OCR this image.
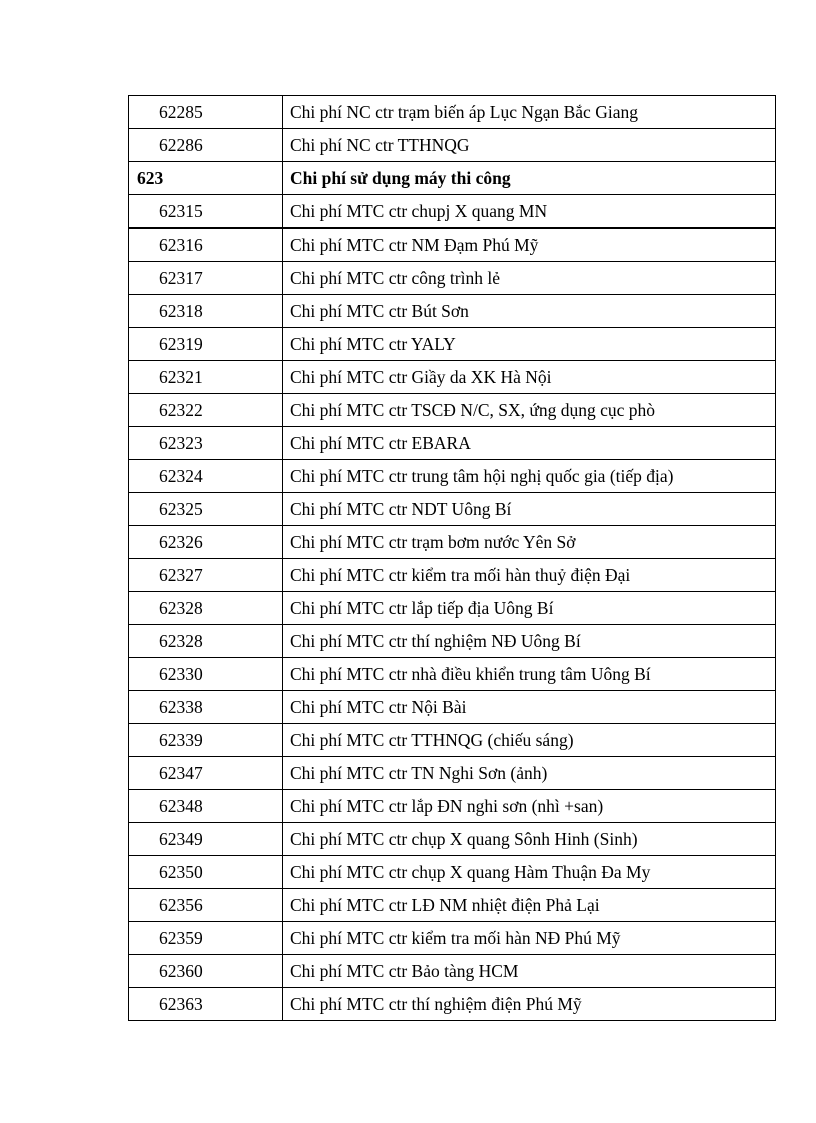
62285	Chi phí NC ctr trạm biến áp Lục Ngạn Bắc Giang
62286	Chi phí NC ctr TTHNQG
623	Chi phí sử dụng máy thi công
62315	Chi phí MTC ctr chupj X quang MN
62316	Chi phí MTC ctr NM Đạm Phú Mỹ
62317	Chi phí MTC ctr công trình lẻ
62318	Chi phí MTC ctr Bút Sơn
62319	Chi phí MTC ctr YALY
62321	Chi phí MTC ctr Giầy da XK Hà Nội
62322	Chi phí MTC ctr TSCĐ N/C, SX, ứng dụng cục phò
62323	Chi phí MTC ctr EBARA
62324	Chi phí MTC ctr trung tâm hội nghị quốc gia (tiếp địa)
62325	Chi phí MTC ctr NDT Uông Bí
62326	Chi phí MTC ctr trạm bơm nước Yên Sở
62327	Chi phí MTC ctr kiểm tra mối hàn thuỷ điện Đại
62328	Chi phí MTC ctr lắp tiếp địa Uông Bí
62328	Chi phí MTC ctr thí nghiệm NĐ Uông Bí
62330	Chi phí MTC ctr nhà điều khiển trung tâm Uông Bí
62338	Chi phí MTC ctr Nội Bài
62339	Chi phí MTC ctr TTHNQG (chiếu sáng)
62347	Chi phí MTC ctr TN Nghi Sơn (ảnh)
62348	Chi phí MTC ctr lắp ĐN nghi sơn (nhì +san)
62349	Chi phí MTC ctr chụp X quang Sônh Hinh (Sinh)
62350	Chi phí MTC ctr chụp X quang Hàm Thuận Đa My
62356	Chi phí MTC ctr LĐ NM nhiệt điện Phả Lại
62359	Chi phí MTC ctr kiểm tra mối hàn NĐ Phú Mỹ
62360	Chi phí MTC ctr Bảo tàng HCM
62363	Chi phí MTC ctr thí nghiệm điện Phú Mỹ
